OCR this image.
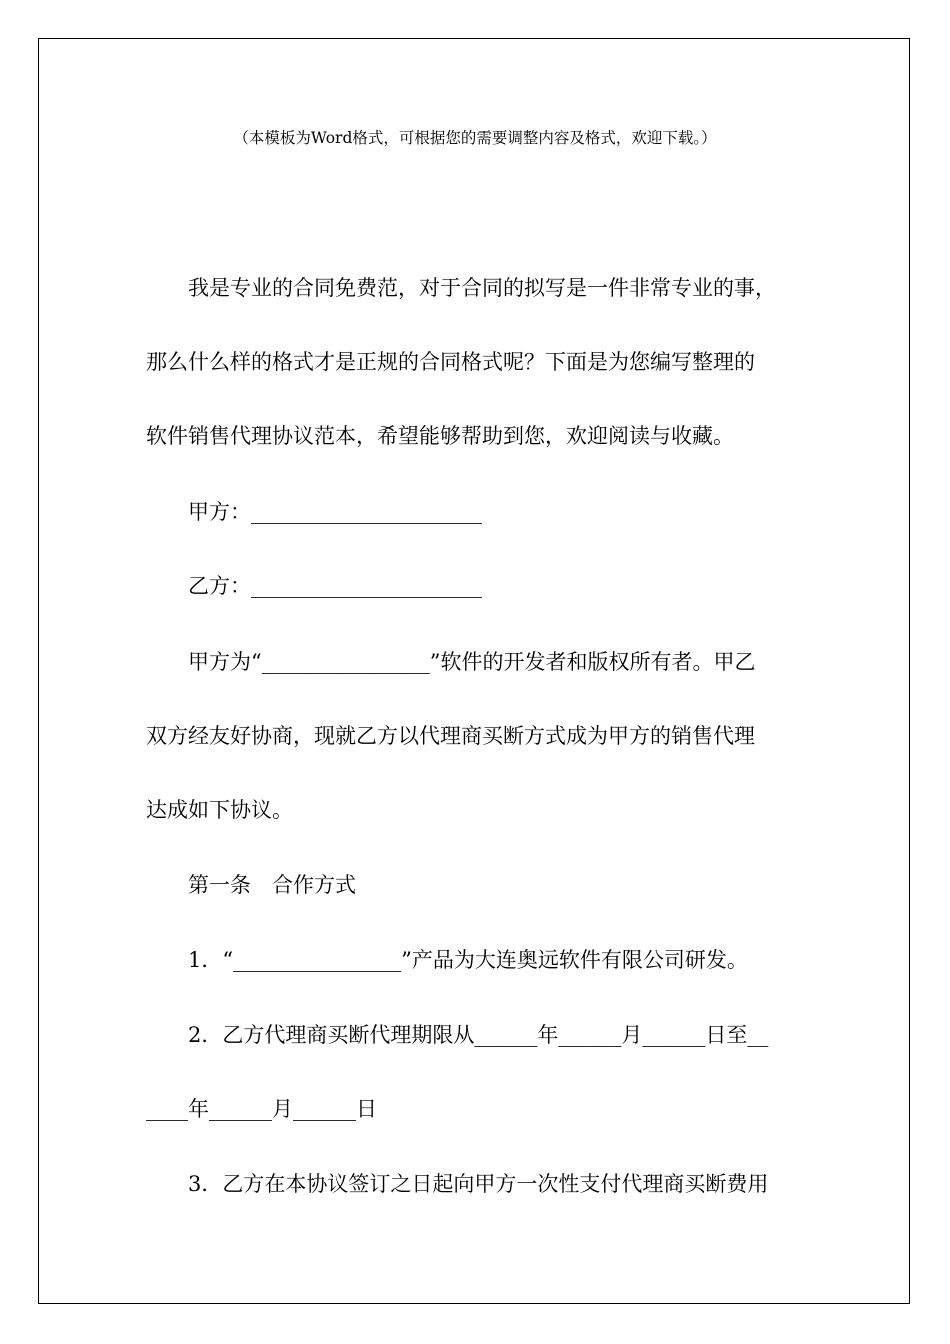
（本模板为Word格式，可根据您的需要调整内容及格式，欢迎下载。）
我是专业的合同免费范，对于合同的拟写是一件非常专业的事，
那么什么样的格式才是正规的合同格式呢？下面是为您编写整理的
软件销售代理协议范本，希望能够帮助到您，欢迎阅读与收藏。
甲方：______________________
乙方：______________________
甲方为“________________”软件的开发者和版权所有者。甲乙
双方经友好协商，现就乙方以代理商买断方式成为甲方的销售代理
达成如下协议。
第一条　合作方式
1．“________________”产品为大连奥远软件有限公司研发。
2．乙方代理商买断代理期限从______年______月______日至__
____年______月______日
3．乙方在本协议签订之日起向甲方一次性支付代理商买断费用
